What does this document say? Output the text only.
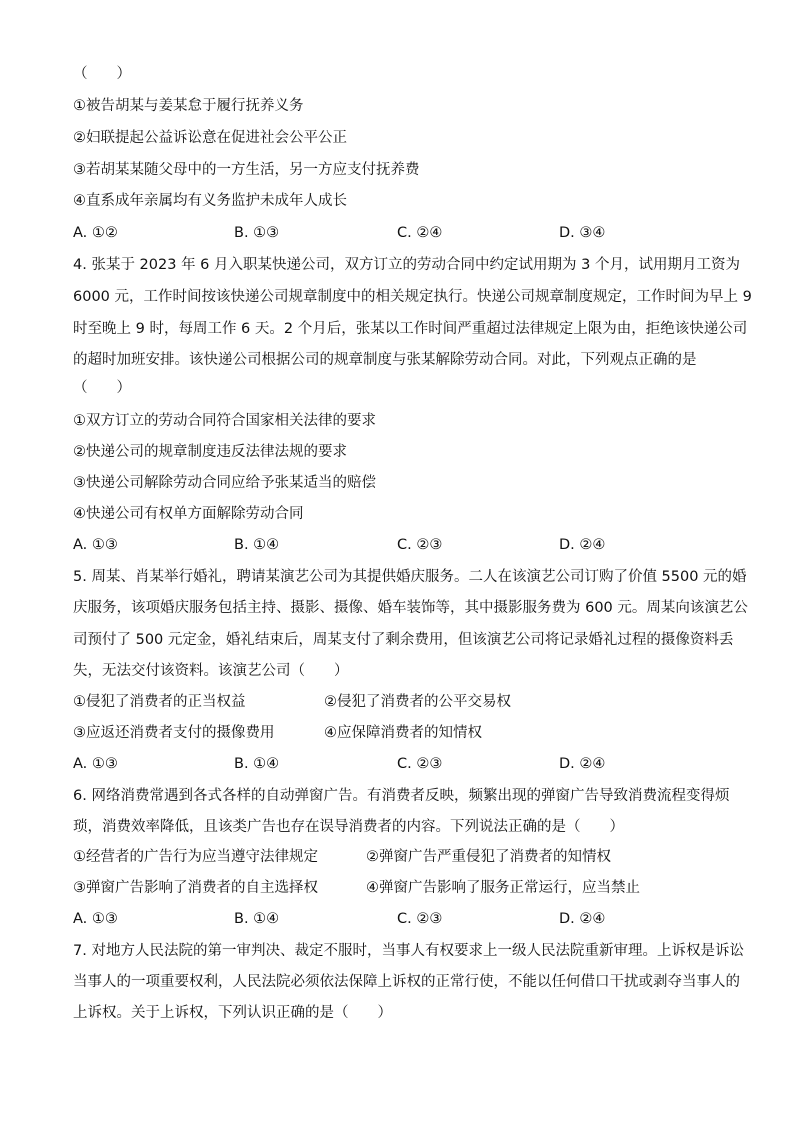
（　　）
①被告胡某与姜某怠于履行抚养义务
②妇联提起公益诉讼意在促进社会公平公正
③若胡某某随父母中的一方生活，另一方应支付抚养费
④直系成年亲属均有义务监护未成年人成长
A. ①②	B. ①③	C. ②④	D. ③④
4. 张某于 2023 年 6 月入职某快递公司，双方订立的劳动合同中约定试用期为 3 个月，试用期月工资为
6000 元，工作时间按该快递公司规章制度中的相关规定执行。快递公司规章制度规定，工作时间为早上 9
时至晚上 9 时，每周工作 6 天。2 个月后，张某以工作时间严重超过法律规定上限为由，拒绝该快递公司
的超时加班安排。该快递公司根据公司的规章制度与张某解除劳动合同。对此，下列观点正确的是
（　　）
①双方订立的劳动合同符合国家相关法律的要求
②快递公司的规章制度违反法律法规的要求
③快递公司解除劳动合同应给予张某适当的赔偿
④快递公司有权单方面解除劳动合同
A. ①③	B. ①④	C. ②③	D. ②④
5. 周某、肖某举行婚礼，聘请某演艺公司为其提供婚庆服务。二人在该演艺公司订购了价值 5500 元的婚
庆服务，该项婚庆服务包括主持、摄影、摄像、婚车装饰等，其中摄影服务费为 600 元。周某向该演艺公
司预付了 500 元定金，婚礼结束后，周某支付了剩余费用，但该演艺公司将记录婚礼过程的摄像资料丢
失，无法交付该资料。该演艺公司（　　）
①侵犯了消费者的正当权益	②侵犯了消费者的公平交易权
③应返还消费者支付的摄像费用	④应保障消费者的知情权
A. ①③	B. ①④	C. ②③	D. ②④
6. 网络消费常遇到各式各样的自动弹窗广告。有消费者反映，频繁出现的弹窗广告导致消费流程变得烦
琐，消费效率降低，且该类广告也存在误导消费者的内容。下列说法正确的是（　　）
①经营者的广告行为应当遵守法律规定	②弹窗广告严重侵犯了消费者的知情权
③弹窗广告影响了消费者的自主选择权	④弹窗广告影响了服务正常运行，应当禁止
A. ①③	B. ①④	C. ②③	D. ②④
7. 对地方人民法院的第一审判决、裁定不服时，当事人有权要求上一级人民法院重新审理。上诉权是诉讼
当事人的一项重要权利，人民法院必须依法保障上诉权的正常行使，不能以任何借口干扰或剥夺当事人的
上诉权。关于上诉权，下列认识正确的是（　　）
